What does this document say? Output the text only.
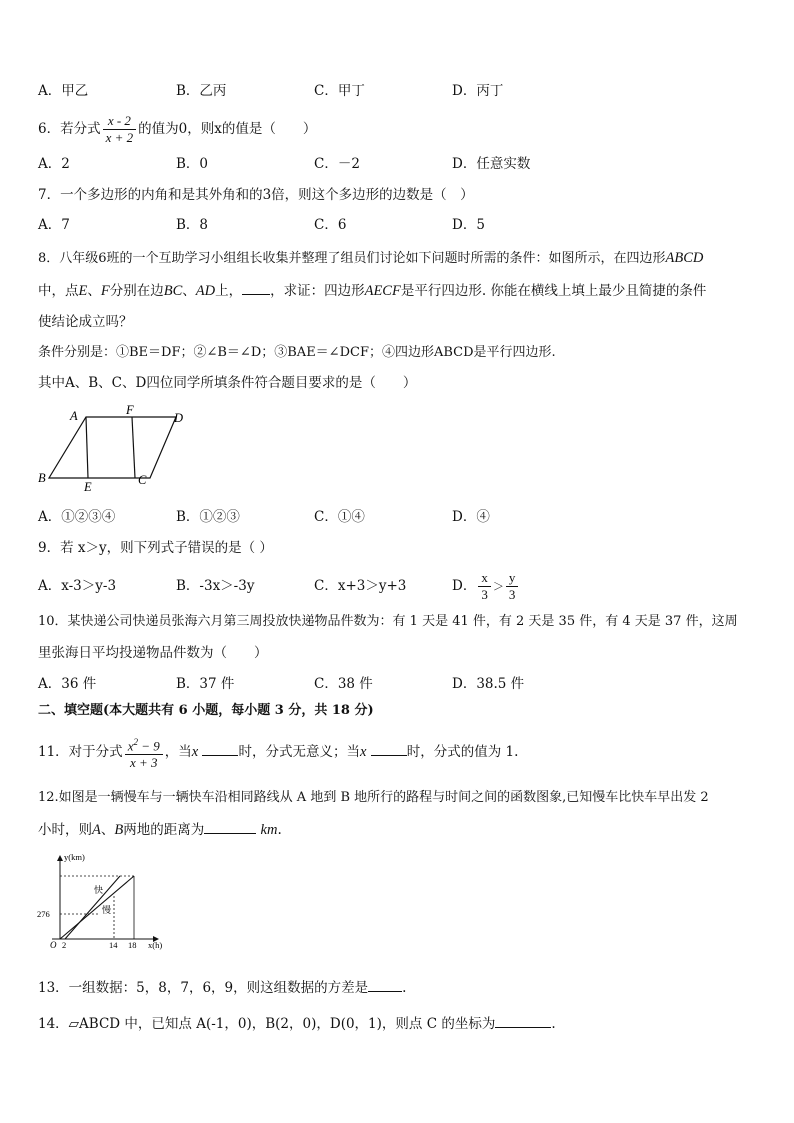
A．甲乙	B．乙丙	C．甲丁	D．丙丁
6．若分式 $\frac{x - 2}{x + 2}$ 的值为0，则x的值是（　　）
A．2	B．0	C．－2	D．任意实数
7．一个多边形的内角和是其外角和的3倍，则这个多边形的边数是（　）
A．7	B．8	C．6	D．5
8．八年级6班的一个互助学习小组组长收集并整理了组员们讨论如下问题时所需的条件：如图所示，在四边形ABCD
中，点E、F分别在边BC、AD上， ，求证：四边形AECF是平行四边形. 你能在横线上填上最少且简捷的条件
使结论成立吗？
条件分别是：①BE＝DF；②∠B＝∠D；③BAE＝∠DCF；④四边形ABCD是平行四边形.
其中A、B、C、D四位同学所填条件符合题目要求的是（　　）
A	F
D
B
E	C
A．①②③④	B．①②③	C．①④	D．④
9．若 x＞y，则下列式子错误的是（ ）
A．x-3＞y-3	B．-3x＞-3y	C．x+3＞y+3	D． $\frac{x}{3} > \frac{y}{3}$
10．某快递公司快递员张海六月第三周投放快递物品件数为：有 1 天是 41 件，有 2 天是 35 件，有 4 天是 37 件，这周
里张海日平均投递物品件数为（　　）
A．36 件	B．37 件	C．38 件	D．38.5 件
二、填空题(本大题共有 6 小题，每小题 3 分，共 18 分)
11．对于分式 $\frac{x^2 - 9}{x + 3}$ ，当x	时，分式无意义；当x	时，分式的值为 1.
12.如图是一辆慢车与一辆快车沿相同路线从 A 地到 B 地所行的路程与时间之间的函数图象,已知慢车比快车早出发 2
小时，则A、B两地的距离为	km.
y(km)
x(h)
O
276
2	14 18
快
慢
13．一组数据：5，8，7，6，9，则这组数据的方差是	.
14．▱ABCD 中，已知点 A(-1，0)，B(2，0)，D(0，1)，则点 C 的坐标为	.
